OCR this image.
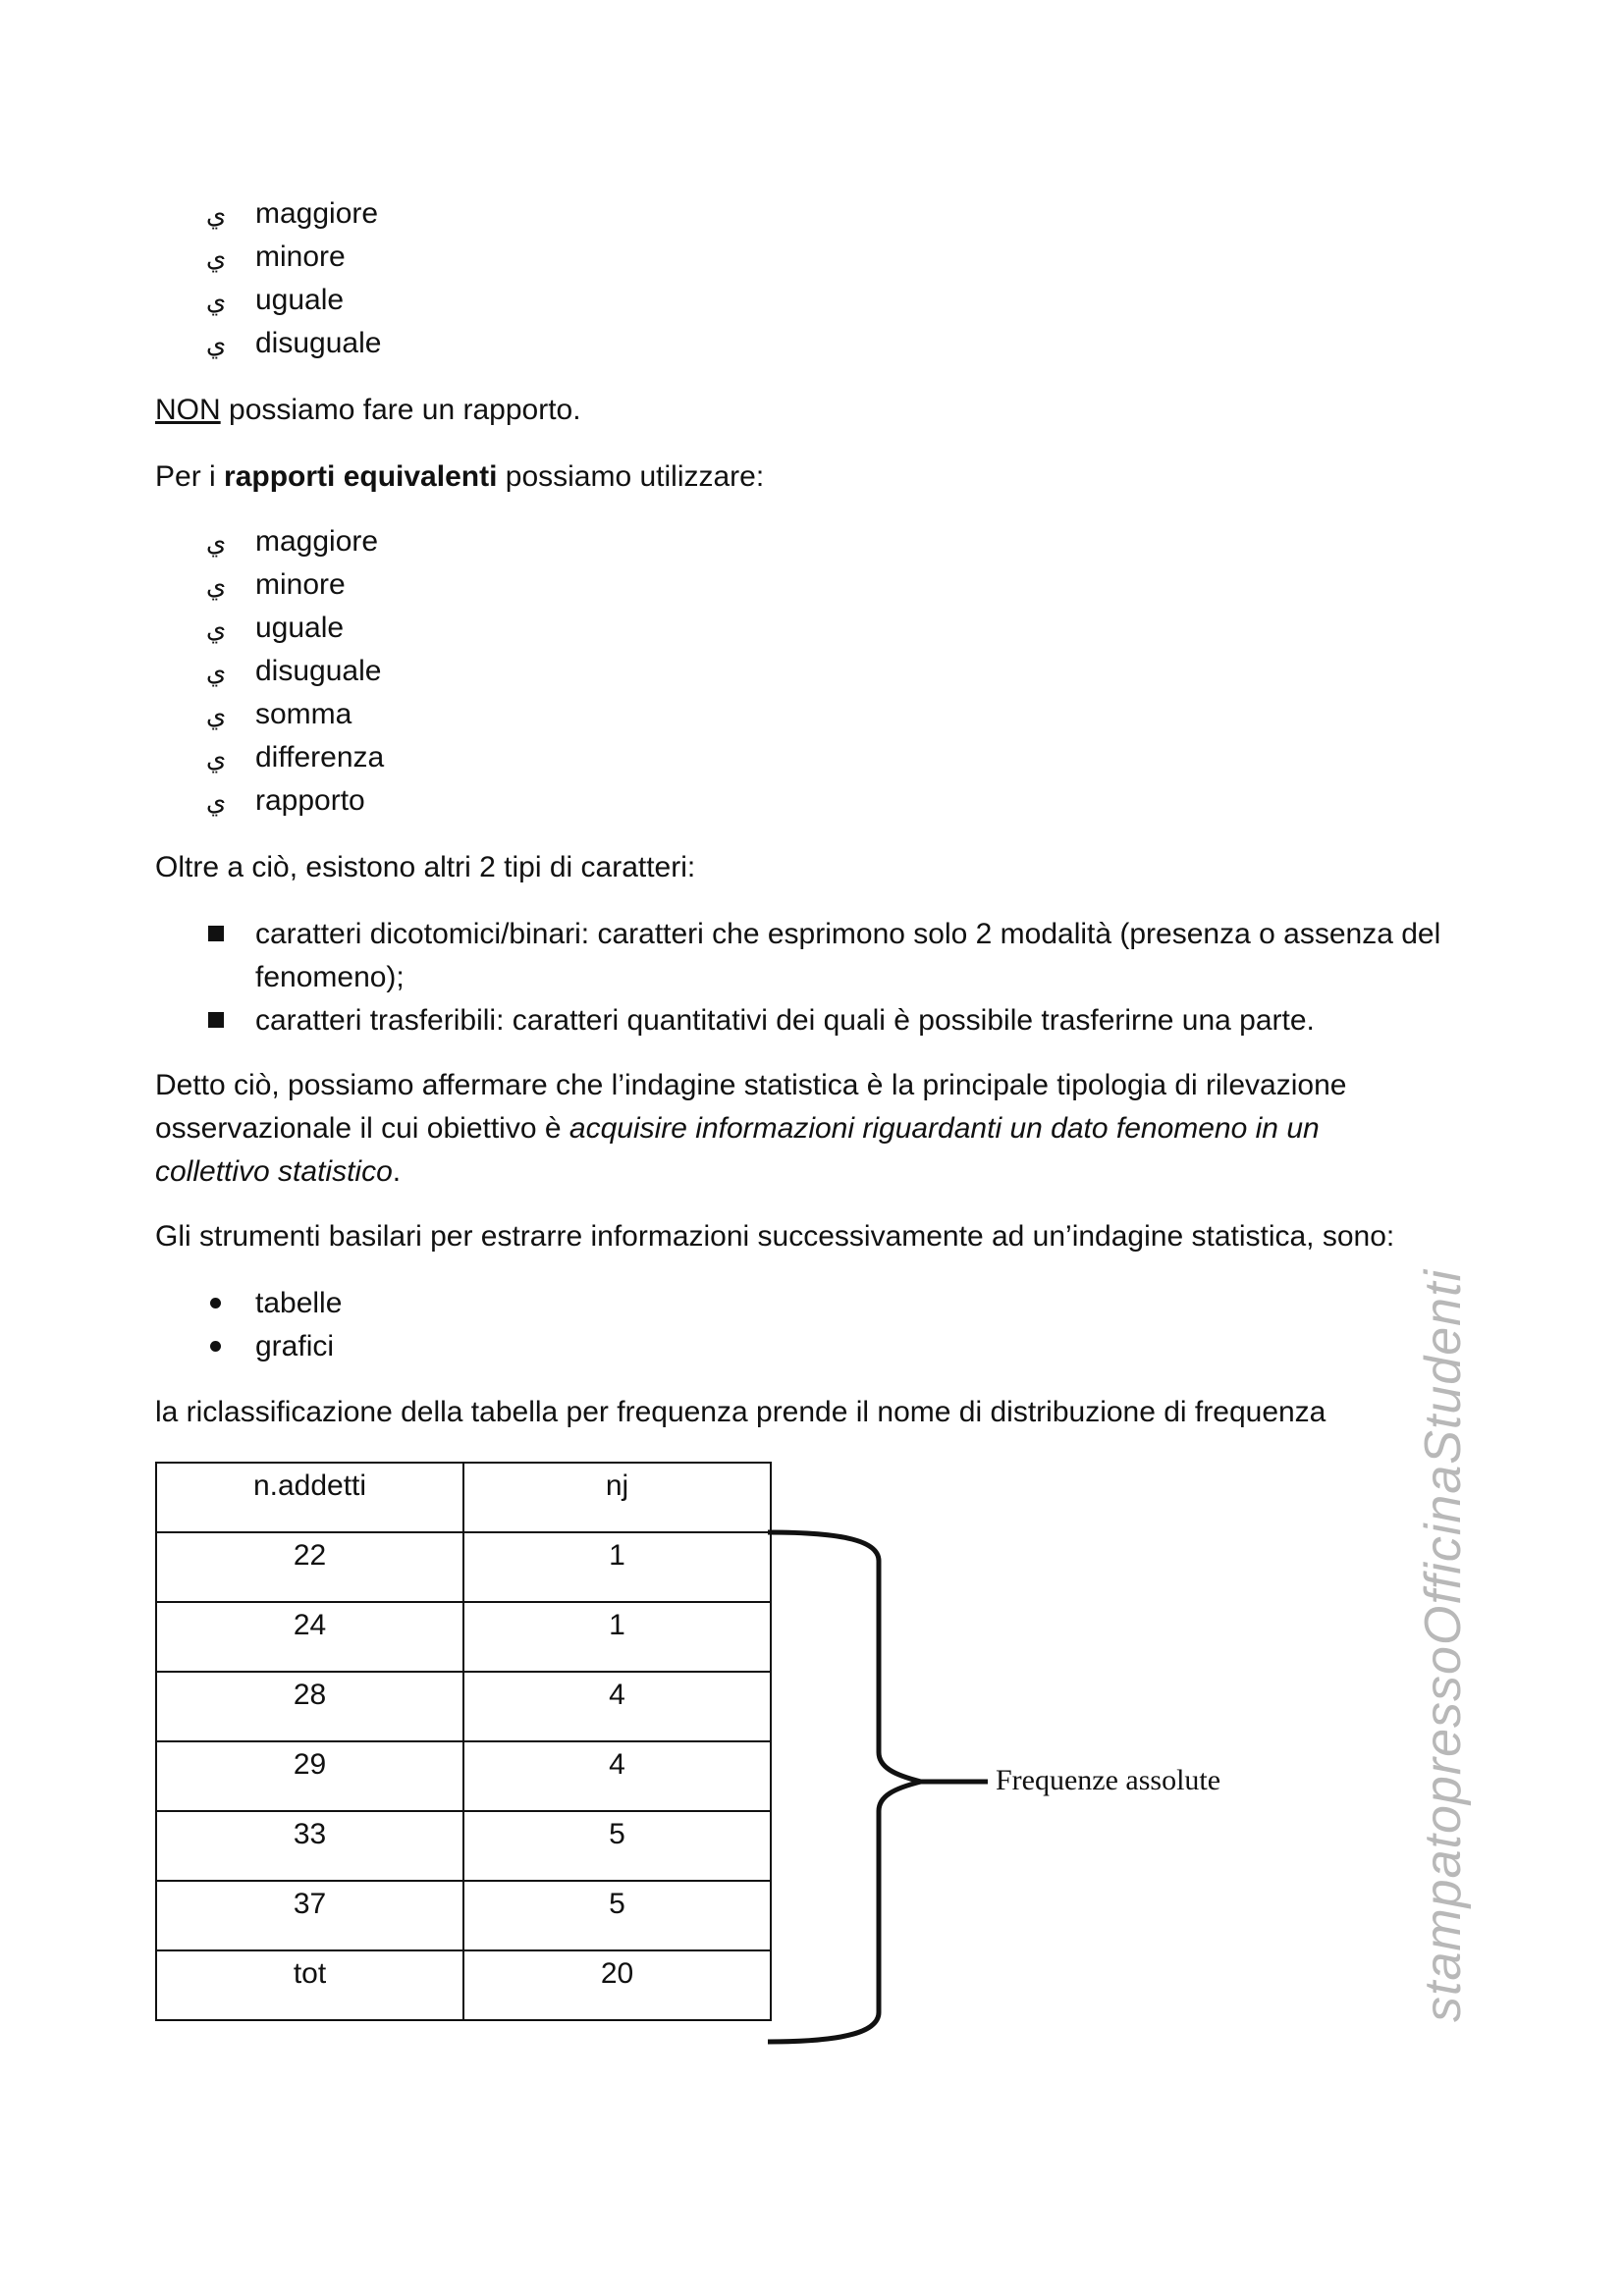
ي maggiore
ي minore
ي uguale
ي disuguale
NON possiamo fare un rapporto.
Per i rapporti equivalenti possiamo utilizzare:
ي maggiore
ي minore
ي uguale
ي disuguale
ي somma
ي differenza
ي rapporto
Oltre a ciò, esistono altri 2 tipi di caratteri:
caratteri dicotomici/binari: caratteri che esprimono solo 2 modalità (presenza o assenza del
fenomeno);
caratteri trasferibili: caratteri quantitativi dei quali è possibile trasferirne una parte.
Detto ciò, possiamo affermare che l’indagine statistica è la principale tipologia di rilevazione
osservazionale il cui obiettivo è acquisire informazioni riguardanti un dato fenomeno in un
collettivo statistico.
Gli strumenti basilari per estrarre informazioni successivamente ad un’indagine statistica, sono:
tabelle
grafici
la riclassificazione della tabella per frequenza prende il nome di distribuzione di frequenza
n.addetti	nj
22	1
24	1
28	4
29	4
33	5
37	5
tot	20
Frequenze assolute	stampatopressoOfficinaStudenti
